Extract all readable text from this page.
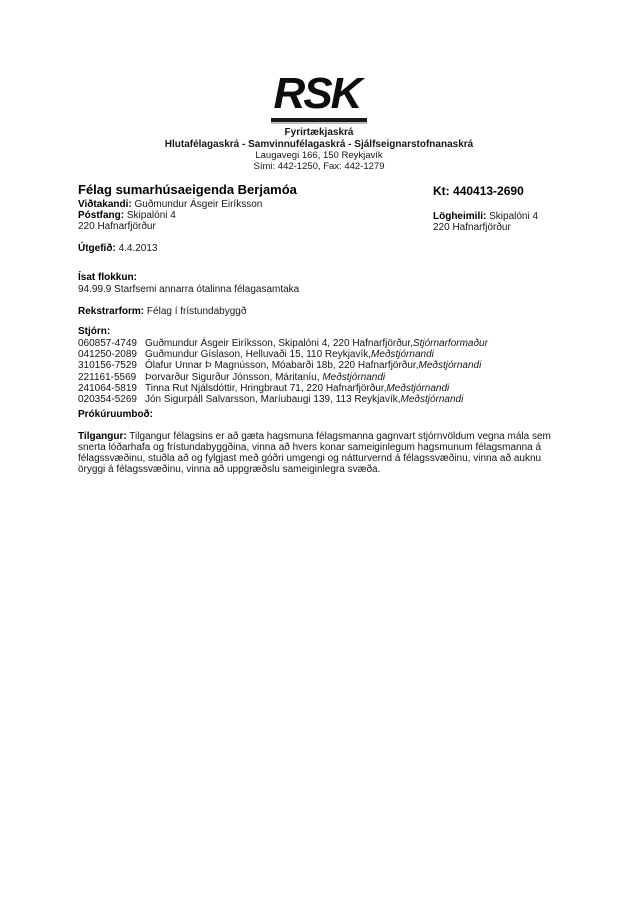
RSK
Fyrirtækjaskrá
Hlutafélagaskrá - Samvinnufélagaskrá - Sjálfseignarstofnanaskrá
Laugavegi 166, 150 Reykjavík
Sími: 442-1250, Fax: 442-1279
Félag sumarhúsaeigenda Berjamóa
Viðtakandi: Guðmundur Ásgeir Eiríksson
Póstfang: Skipalóni 4
220 Hafnarfjörður
Kt: 440413-2690
Lögheimili: Skipalóni 4
220 Hafnarfjörður
Útgefið: 4.4.2013
Ísat flokkun:
94.99.9 Starfsemi annarra ótalinna félagasamtaka
Rekstrarform: Félag í frístundabyggð
Stjórn:
060857-4749 Guðmundur Ásgeir Eiríksson, Skipalóni 4, 220 Hafnarfjörður,Stjórnarformaður
041250-2089 Guðmundur Gíslason, Helluvaði 15, 110 Reykjavík,Meðstjórnandi
310156-7529 Ólafur Unnar Þ Magnússon, Móabarði 18b, 220 Hafnarfjörður,Meðstjórnandi
221161-5569 Þorvarður Sigurður Jónsson, Máritaníu, Meðstjórnandi
241064-5819 Tinna Rut Njálsdóttir, Hringbraut 71, 220 Hafnarfjörður,Meðstjórnandi
020354-5269 Jón Sigurpáll Salvarsson, Maríubaugi 139, 113 Reykjavík,Meðstjórnandi
Prókúruumboð:
Tilgangur: Tilgangur félagsins er að gæta hagsmuna félagsmanna gagnvart stjórnvöldum vegna mála sem snerta lóðarhafa og frístundabyggðina, vinna að hvers konar sameiginlegum hagsmunum félagsmanna á félagssvæðinu, stuðla að og fylgjast með góðri umgengi og nátturvernd á félagssvæðinu, vinna að auknu öryggi á félagssvæðinu, vinna að uppgræðslu sameiginlegra svæða.
